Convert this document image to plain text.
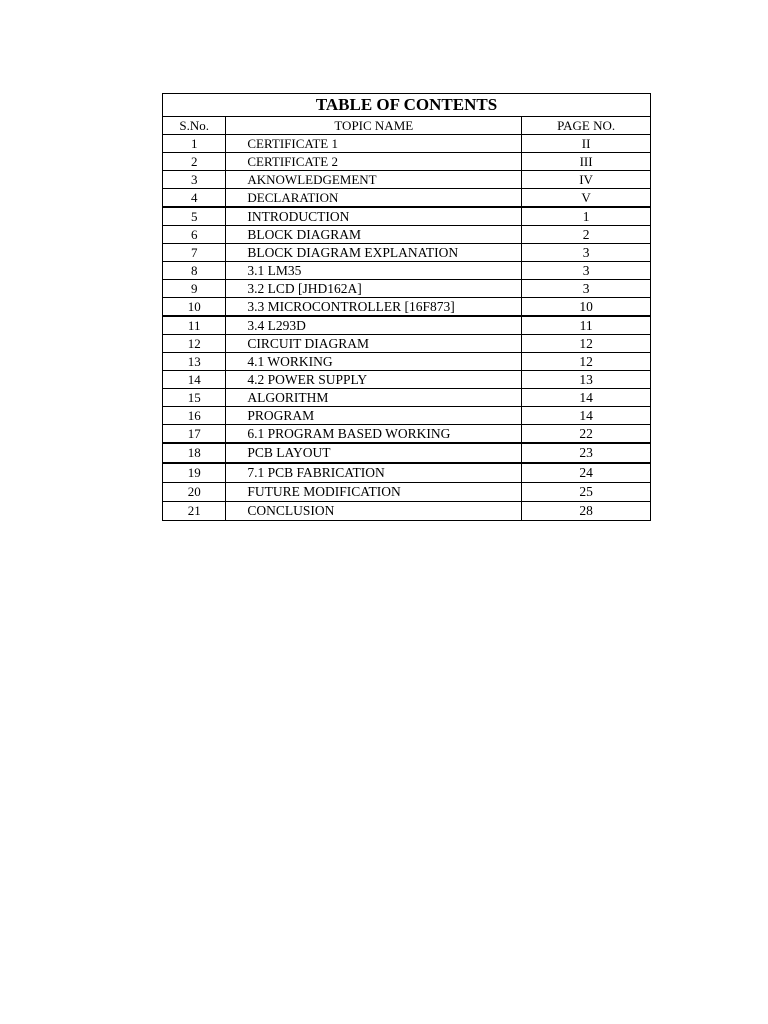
TABLE OF CONTENTS		
S.No.	TOPIC NAME	PAGE NO.
1	CERTIFICATE 1	II
2	CERTIFICATE 2	III
3	AKNOWLEDGEMENT	IV
4	DECLARATION	V
5	INTRODUCTION	1
6	BLOCK DIAGRAM	2
7	BLOCK DIAGRAM EXPLANATION	3
8	3.1 LM35	3
9	3.2 LCD [JHD162A]	3
10	3.3 MICROCONTROLLER [16F873]	10
11	3.4 L293D	11
12	CIRCUIT DIAGRAM	12
13	4.1 WORKING	12
14	4.2 POWER SUPPLY	13
15	ALGORITHM	14
16	PROGRAM	14
17	6.1 PROGRAM BASED WORKING	22
18	PCB LAYOUT	23
19	7.1 PCB FABRICATION	24
20	FUTURE MODIFICATION	25
21	CONCLUSION	28
